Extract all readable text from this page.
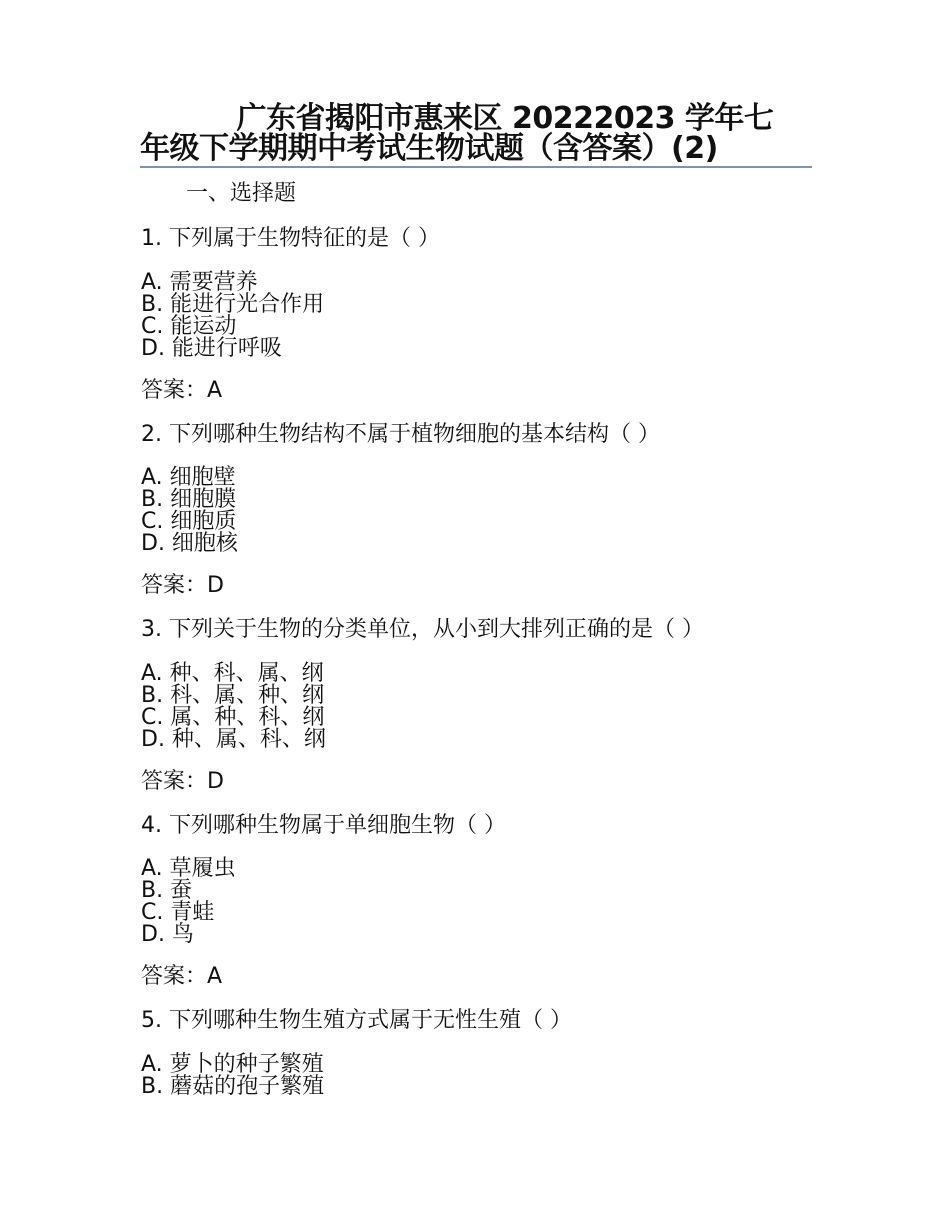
广东省揭阳市惠来区 20222023 学年七
年级下学期期中考试生物试题（含答案）(2)
一、选择题
1. 下列属于生物特征的是（ ）
A. 需要营养
B. 能进行光合作用
C. 能运动
D. 能进行呼吸
答案：A
2. 下列哪种生物结构不属于植物细胞的基本结构（ ）
A. 细胞壁
B. 细胞膜
C. 细胞质
D. 细胞核
答案：D
3. 下列关于生物的分类单位，从小到大排列正确的是（ ）
A. 种、科、属、纲
B. 科、属、种、纲
C. 属、种、科、纲
D. 种、属、科、纲
答案：D
4. 下列哪种生物属于单细胞生物（ ）
A. 草履虫
B. 蚕
C. 青蛙
D. 鸟
答案：A
5. 下列哪种生物生殖方式属于无性生殖（ ）
A. 萝卜的种子繁殖
B. 蘑菇的孢子繁殖
